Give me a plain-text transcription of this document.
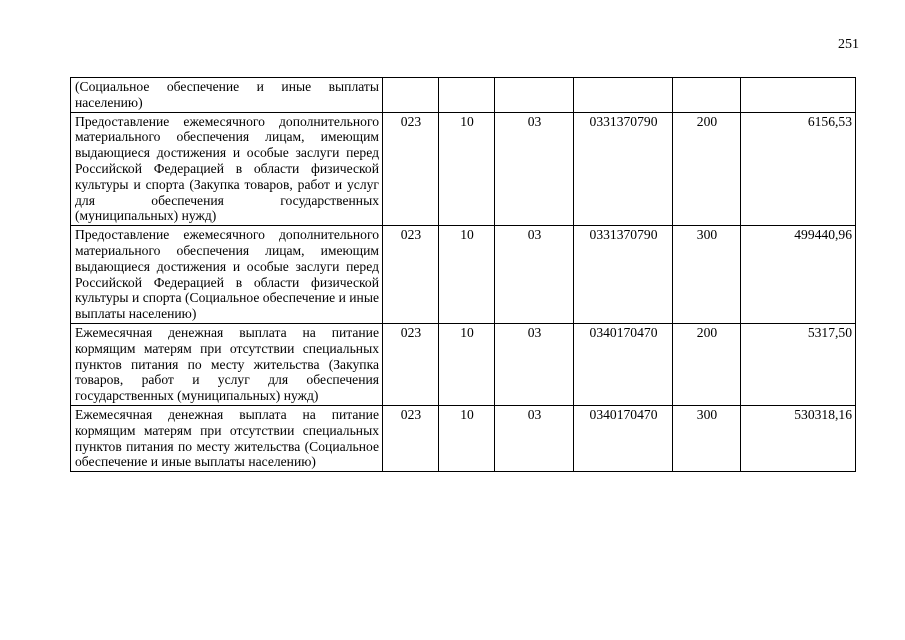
251
(Социальное обеспечение и иные выплаты населению)						
Предоставление ежемесячного дополнительного материального обеспечения лицам, имеющим выдающиеся достижения и особые заслуги перед Российской Федерацией в области физической культуры и спорта (Закупка товаров, работ и услуг для обеспечения государственных (муниципальных) нужд)	023	10	03	0331370790	200	6156,53
Предоставление ежемесячного дополнительного материального обеспечения лицам, имеющим выдающиеся достижения и особые заслуги перед Российской Федерацией в области физической культуры и спорта (Социальное обеспечение и иные выплаты населению)	023	10	03	0331370790	300	499440,96
Ежемесячная денежная выплата на питание кормящим матерям при отсутствии специальных пунктов питания по месту жительства (Закупка товаров, работ и услуг для обеспечения государственных (муниципальных) нужд)	023	10	03	0340170470	200	5317,50
Ежемесячная денежная выплата на питание кормящим матерям при отсутствии специальных пунктов питания по месту жительства (Социальное обеспечение и иные выплаты населению)	023	10	03	0340170470	300	530318,16
